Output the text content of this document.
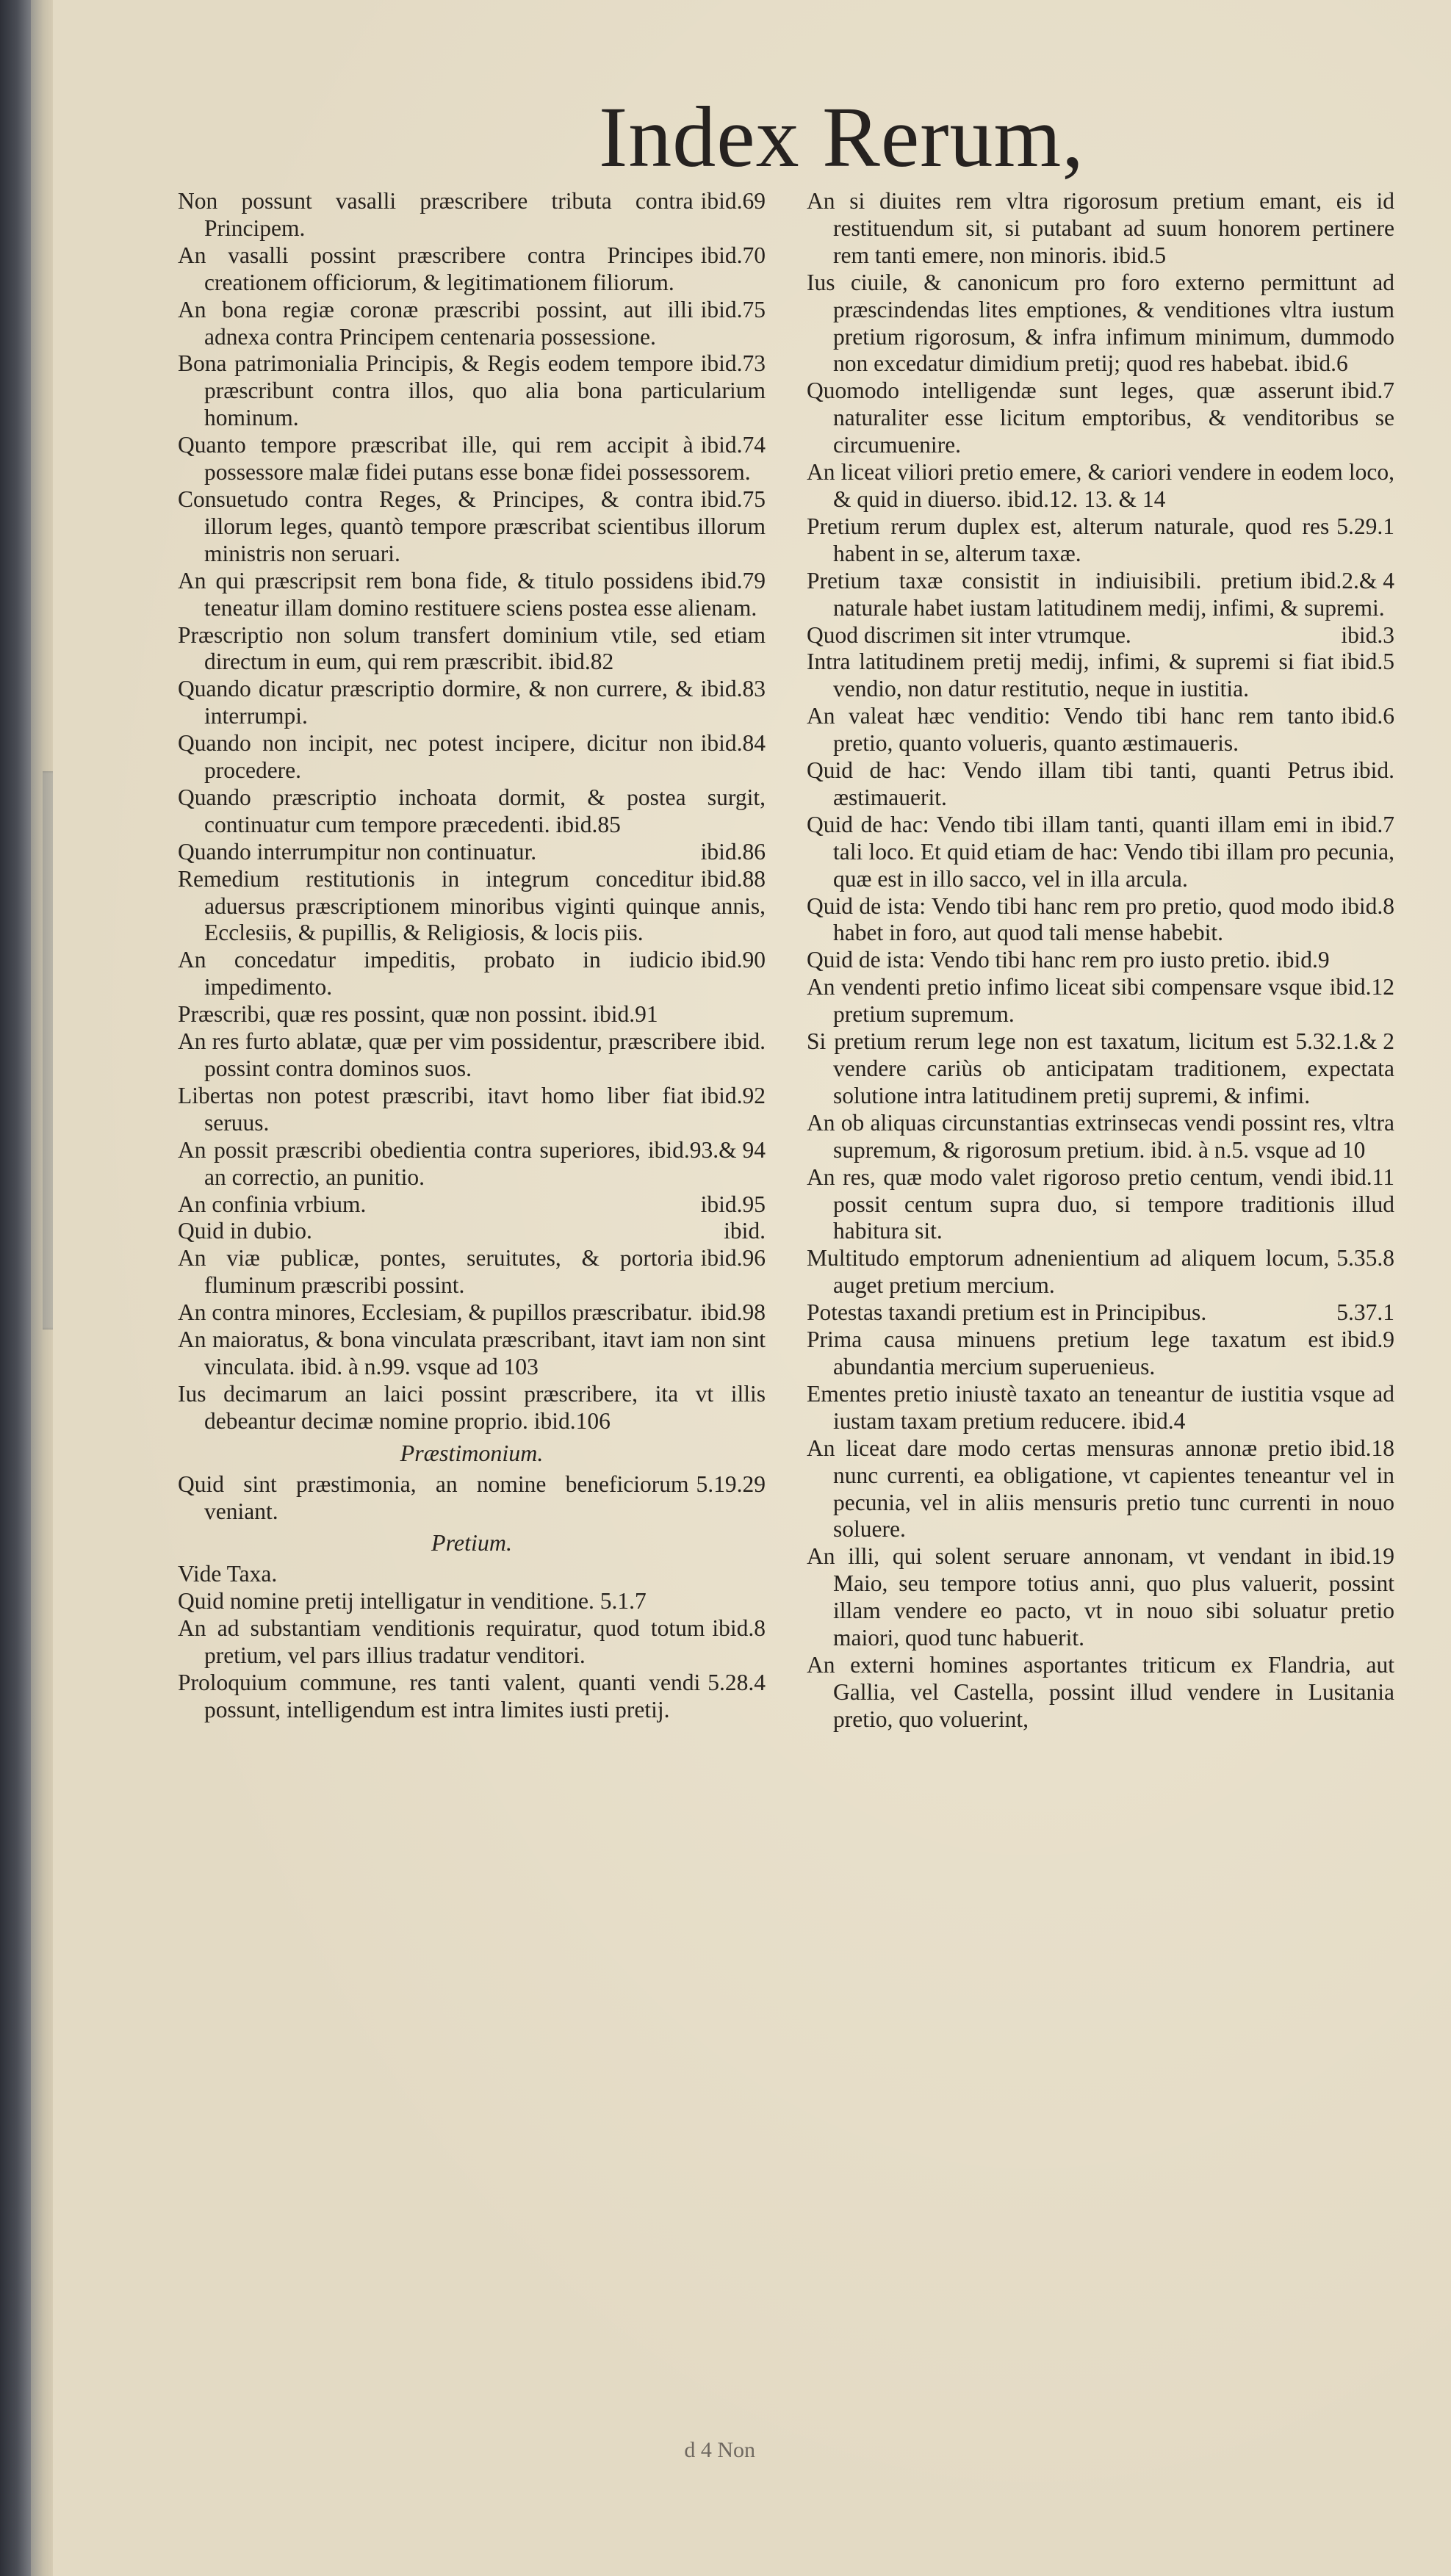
Index Rerum,

ibid.69
Non possunt vasalli præscribere tributa contra Principem.

ibid.70
An vasalli possint præscribere contra Principes creationem officiorum, & legitimationem filiorum.

ibid.75
An bona regiæ coronæ præscribi possint, aut illi adnexa contra Principem centenaria possessione.

ibid.73
Bona patrimonialia Principis, & Regis eodem tempore præscribunt contra illos, quo alia bona particularium hominum.

ibid.74
Quanto tempore præscribat ille, qui rem accipit à possessore malæ fidei putans esse bonæ fidei possessorem.

ibid.75
Consuetudo contra Reges, & Principes, & contra illorum leges, quantò tempore præscribat scientibus illorum ministris non seruari.

ibid.79
An qui præscripsit rem bona fide, & titulo possidens teneatur illam domino restituere sciens postea esse alienam.

Præscriptio non solum transfert dominium vtile, sed etiam directum in eum, qui rem præscribit. ibid.82

ibid.83
Quando dicatur præscriptio dormire, & non currere, & interrumpi.

ibid.84
Quando non incipit, nec potest incipere, dicitur non procedere.

Quando præscriptio inchoata dormit, & postea surgit, continuatur cum tempore præcedenti. ibid.85

ibid.86
Quando interrumpitur non continuatur.

ibid.88
Remedium restitutionis in integrum conceditur aduersus præscriptionem minoribus viginti quinque annis, Ecclesiis, & pupillis, & Religiosis, & locis piis.

ibid.90
An concedatur impeditis, probato in iudicio impedimento.

Præscribi, quæ res possint, quæ non possint. ibid.91

ibid.
An res furto ablatæ, quæ per vim possidentur, præscribere possint contra dominos suos.

ibid.92
Libertas non potest præscribi, itavt homo liber fiat seruus.

ibid.93.& 94
An possit præscribi obedientia contra superiores, an correctio, an punitio.

ibid.95
An confinia vrbium.

ibid.
Quid in dubio.

ibid.96
An viæ publicæ, pontes, seruitutes, & portoria fluminum præscribi possint.

ibid.98
An contra minores, Ecclesiam, & pupillos præscribatur.

An maioratus, & bona vinculata præscribant, itavt iam non sint vinculata. ibid. à n.99. vsque ad 103

Ius decimarum an laici possint præscribere, ita vt illis debeantur decimæ nomine proprio. ibid.106

Præstimonium.

5.19.29
Quid sint præstimonia, an nomine beneficiorum veniant.

Pretium.

Vide Taxa.

Quid nomine pretij intelligatur in venditione. 5.1.7

ibid.8
An ad substantiam venditionis requiratur, quod totum pretium, vel pars illius tradatur venditori.

5.28.4
Proloquium commune, res tanti valent, quanti vendi possunt, intelligendum est intra limites iusti pretij.

An si diuites rem vltra rigorosum pretium emant, eis id restituendum sit, si putabant ad suum honorem pertinere rem tanti emere, non minoris. ibid.5

Ius ciuile, & canonicum pro foro externo permittunt ad præscindendas lites emptiones, & venditiones vltra iustum pretium rigorosum, & infra infimum minimum, dummodo non excedatur dimidium pretij; quod res habebat. ibid.6

ibid.7
Quomodo intelligendæ sunt leges, quæ asserunt naturaliter esse licitum emptoribus, & venditoribus se circumuenire.

An liceat viliori pretio emere, & cariori vendere in eodem loco, & quid in diuerso. ibid.12. 13. & 14

5.29.1
Pretium rerum duplex est, alterum naturale, quod res habent in se, alterum taxæ.

ibid.2.& 4
Pretium taxæ consistit in indiuisibili. pretium naturale habet iustam latitudinem medij, infimi, & supremi.

ibid.3
Quod discrimen sit inter vtrumque.

ibid.5
Intra latitudinem pretij medij, infimi, & supremi si fiat vendio, non datur restitutio, neque in iustitia.

ibid.6
An valeat hæc venditio: Vendo tibi hanc rem tanto pretio, quanto volueris, quanto æstimaueris.

ibid.
Quid de hac: Vendo illam tibi tanti, quanti Petrus æstimauerit.

ibid.7
Quid de hac: Vendo tibi illam tanti, quanti illam emi in tali loco. Et quid etiam de hac: Vendo tibi illam pro pecunia, quæ est in illo sacco, vel in illa arcula.

ibid.8
Quid de ista: Vendo tibi hanc rem pro pretio, quod modo habet in foro, aut quod tali mense habebit.

Quid de ista: Vendo tibi hanc rem pro iusto pretio. ibid.9

ibid.12
An vendenti pretio infimo liceat sibi compensare vsque pretium supremum.

5.32.1.& 2
Si pretium rerum lege non est taxatum, licitum est vendere cariùs ob anticipatam traditionem, expectata solutione intra latitudinem pretij supremi, & infimi.

An ob aliquas circunstantias extrinsecas vendi possint res, vltra supremum, & rigorosum pretium. ibid. à n.5. vsque ad 10

ibid.11
An res, quæ modo valet rigoroso pretio centum, vendi possit centum supra duo, si tempore traditionis illud habitura sit.

5.35.8
Multitudo emptorum adnenientium ad aliquem locum, auget pretium mercium.

5.37.1
Potestas taxandi pretium est in Principibus.

ibid.9
Prima causa minuens pretium lege taxatum est abundantia mercium superuenieus.

Ementes pretio iniustè taxato an teneantur de iustitia vsque ad iustam taxam pretium reducere. ibid.4

ibid.18
An liceat dare modo certas mensuras annonæ pretio nunc currenti, ea obligatione, vt capientes teneantur vel in pecunia, vel in aliis mensuris pretio tunc currenti in nouo soluere.

ibid.19
An illi, qui solent seruare annonam, vt vendant in Maio, seu tempore totius anni, quo plus valuerit, possint illam vendere eo pacto, vt in nouo sibi soluatur pretio maiori, quod tunc habuerit.

An externi homines asportantes triticum ex Flandria, aut Gallia, vel Castella, possint illud vendere in Lusitania pretio, quo voluerint,

d 4 Non
